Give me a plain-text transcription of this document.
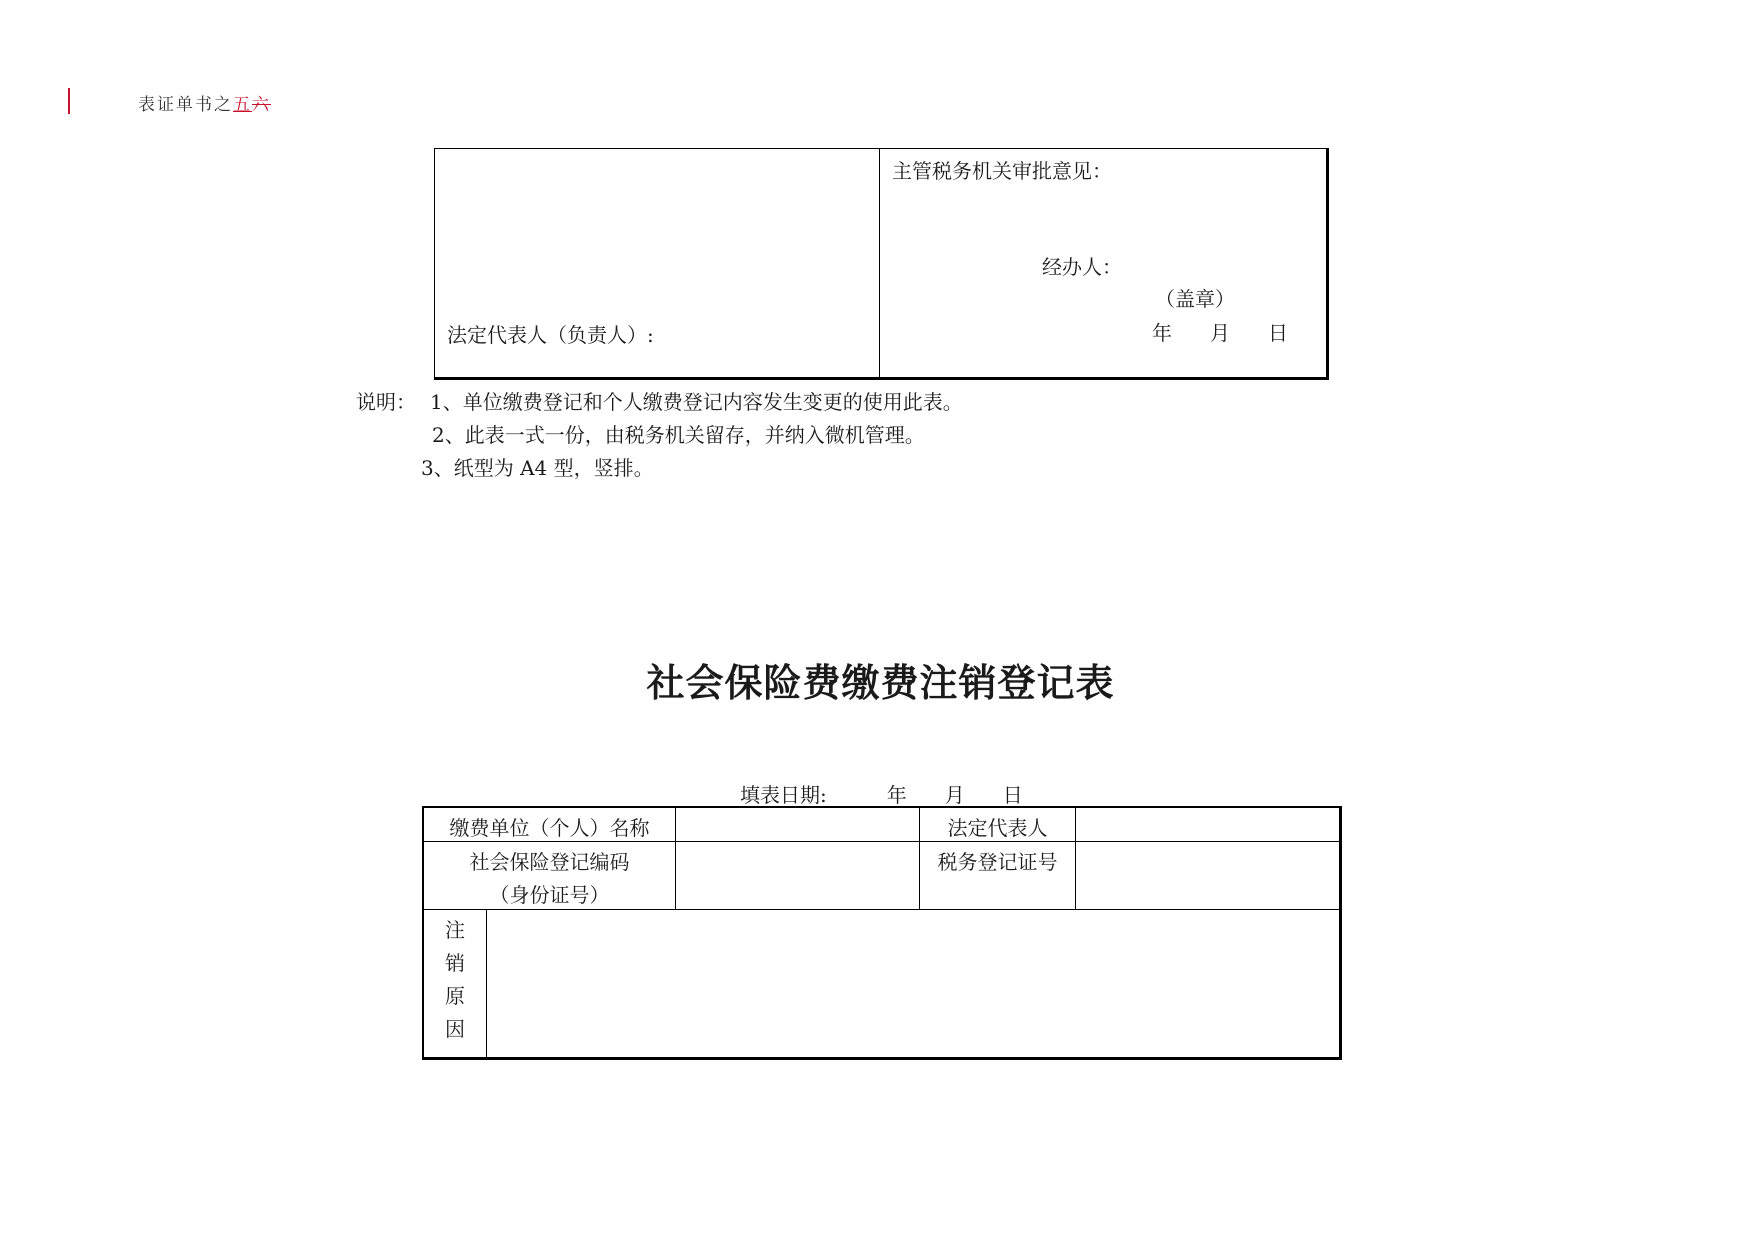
表证单书之五六
法定代表人（负责人）:
主管税务机关审批意见：
经办人：
（盖章）
年 月 日
说明： 1、单位缴费登记和个人缴费登记内容发生变更的使用此表。
2、此表一式一份，由税务机关留存，并纳入微机管理。
3、纸型为 A4 型，竖排。
社会保险费缴费注销登记表
填表日期:	年 月 日
缴费单位（个人）名称	法定代表人
社会保险登记编码
（身份证号）
税务登记证号
注
销
原
因
